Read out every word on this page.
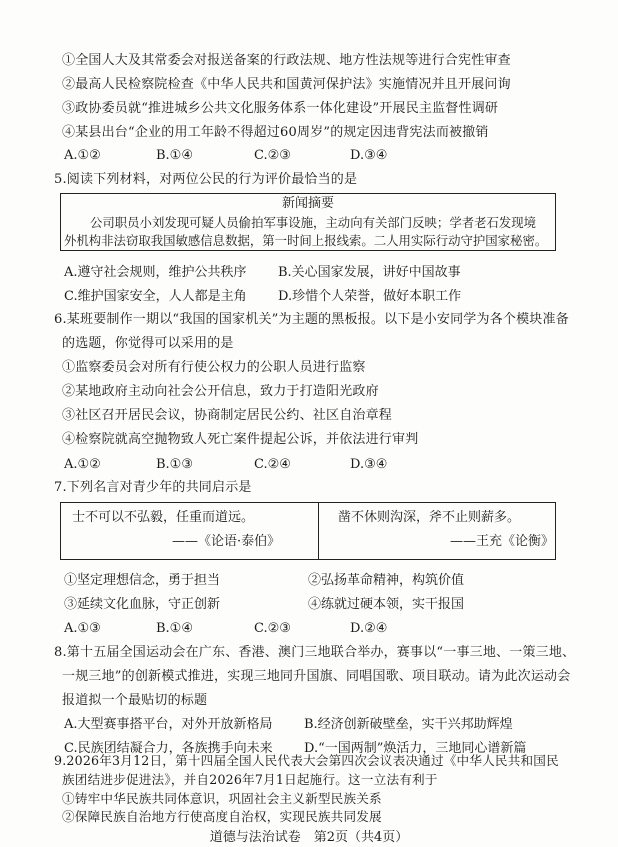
①全国人大及其常委会对报送备案的行政法规、地方性法规等进行合宪性审查
②最高人民检察院检查《中华人民共和国黄河保护法》实施情况并且开展问询
③政协委员就“推进城乡公共文化服务体系一体化建设”开展民主监督性调研
④某县出台“企业的用工年龄不得超过60周岁”的规定因违背宪法而被撤销
A.①②	B.①④	C.②③	D.③④
5.阅读下列材料，对两位公民的行为评价最恰当的是
新闻摘要
公司职员小刘发现可疑人员偷拍军事设施，主动向有关部门反映；学者老石发现境
外机构非法窃取我国敏感信息数据，第一时间上报线索。二人用实际行动守护国家秘密。
A.遵守社会规则，维护公共秩序 B.关心国家发展，讲好中国故事
C.维护国家安全，人人都是主角 D.珍惜个人荣誉，做好本职工作
6.某班要制作一期以“我国的国家机关”为主题的黑板报。以下是小安同学为各个模块准备
的选题，你觉得可以采用的是
①监察委员会对所有行使公权力的公职人员进行监察
②某地政府主动向社会公开信息，致力于打造阳光政府
③社区召开居民会议，协商制定居民公约、社区自治章程
④检察院就高空抛物致人死亡案件提起公诉，并依法进行审判
A.①②	B.①③	C.②④	D.③④
7.下列名言对青少年的共同启示是
士不可以不弘毅，任重而道远。
——《论语·泰伯》
凿不休则沟深，斧不止则薪多。
——王充《论衡》
①坚定理想信念，勇于担当	②弘扬革命精神，构筑价值
③延续文化血脉，守正创新	④练就过硬本领，实干报国
A.①③	B.①④	C.②③	D.②④
8.第十五届全国运动会在广东、香港、澳门三地联合举办，赛事以“一事三地、一策三地、
一规三地”的创新模式推进，实现三地同升国旗、同唱国歌、项目联动。请为此次运动会
报道拟一个最贴切的标题
A.大型赛事搭平台，对外开放新格局 B.经济创新破壁垒，实干兴邦助辉煌
C.民族团结凝合力，各族携手向未来 D.“一国两制”焕活力，三地同心谱新篇
9.2026年3月12日，第十四届全国人民代表大会第四次会议表决通过《中华人民共和国民
族团结进步促进法》，并自2026年7月1日起施行。这一立法有利于
道德与法治试卷　第2页（共4页）
①铸牢中华民族共同体意识，巩固社会主义新型民族关系
②保障民族自治地方行使高度自治权，实现民族共同发展
